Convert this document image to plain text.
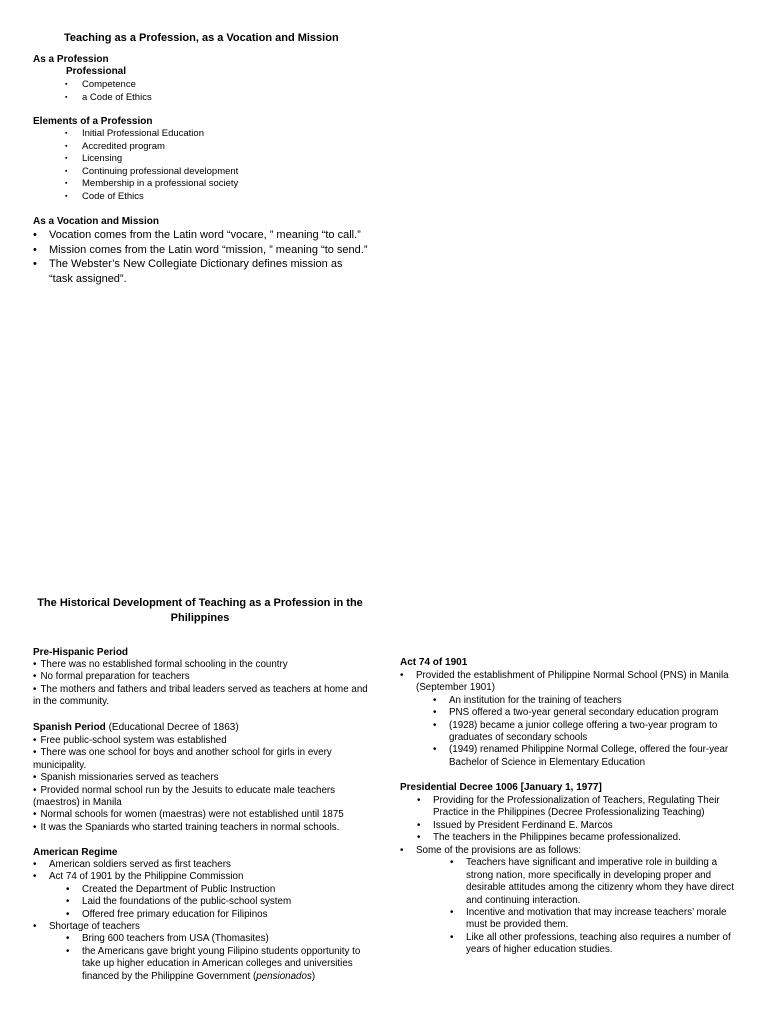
Teaching as a Profession, as a Vocation and Mission
As a Profession
Professional
▪ Competence
▪ a Code of Ethics
Elements of a Profession
▪ Initial Professional Education
▪ Accredited program
▪ Licensing
▪ Continuing professional development
▪ Membership in a professional society
▪ Code of Ethics
As a Vocation and Mission
• Vocation comes from the Latin word “vocare, ” meaning “to call.”
• Mission comes from the Latin word “mission, ” meaning “to send.”
• The Webster’s New Collegiate Dictionary defines mission as “task assigned”.
The Historical Development of Teaching as a Profession in the Philippines
Pre-Hispanic Period
• There was no established formal schooling in the country
• No formal preparation for teachers
• The mothers and fathers and tribal leaders served as teachers at home and in the community.
Spanish Period (Educational Decree of 1863)
• Free public-school system was established
• There was one school for boys and another school for girls in every municipality.
• Spanish missionaries served as teachers
• Provided normal school run by the Jesuits to educate male teachers (maestros) in Manila
• Normal schools for women (maestras) were not established until 1875
• It was the Spaniards who started training teachers in normal schools.
American Regime
• American soldiers served as first teachers
• Act 74 of 1901 by the Philippine Commission
• Created the Department of Public Instruction
• Laid the foundations of the public-school system
• Offered free primary education for Filipinos
• Shortage of teachers
• Bring 600 teachers from USA (Thomasites)
• the Americans gave bright young Filipino students opportunity to take up higher education in American colleges and universities financed by the Philippine Government (pensionados)
Act 74 of 1901
• Provided the establishment of Philippine Normal School (PNS) in Manila (September 1901)
• An institution for the training of teachers
• PNS offered a two-year general secondary education program
• (1928) became a junior college offering a two-year program to graduates of secondary schools
• (1949) renamed Philippine Normal College, offered the four-year Bachelor of Science in Elementary Education
Presidential Decree 1006 [January 1, 1977]
• Providing for the Professionalization of Teachers, Regulating Their Practice in the Philippines (Decree Professionalizing Teaching)
• Issued by President Ferdinand E. Marcos
• The teachers in the Philippines became professionalized.
• Some of the provisions are as follows:
• Teachers have significant and imperative role in building a strong nation, more specifically in developing proper and desirable attitudes among the citizenry whom they have direct and continuing interaction.
• Incentive and motivation that may increase teachers’ morale must be provided them.
• Like all other professions, teaching also requires a number of years of higher education studies.
